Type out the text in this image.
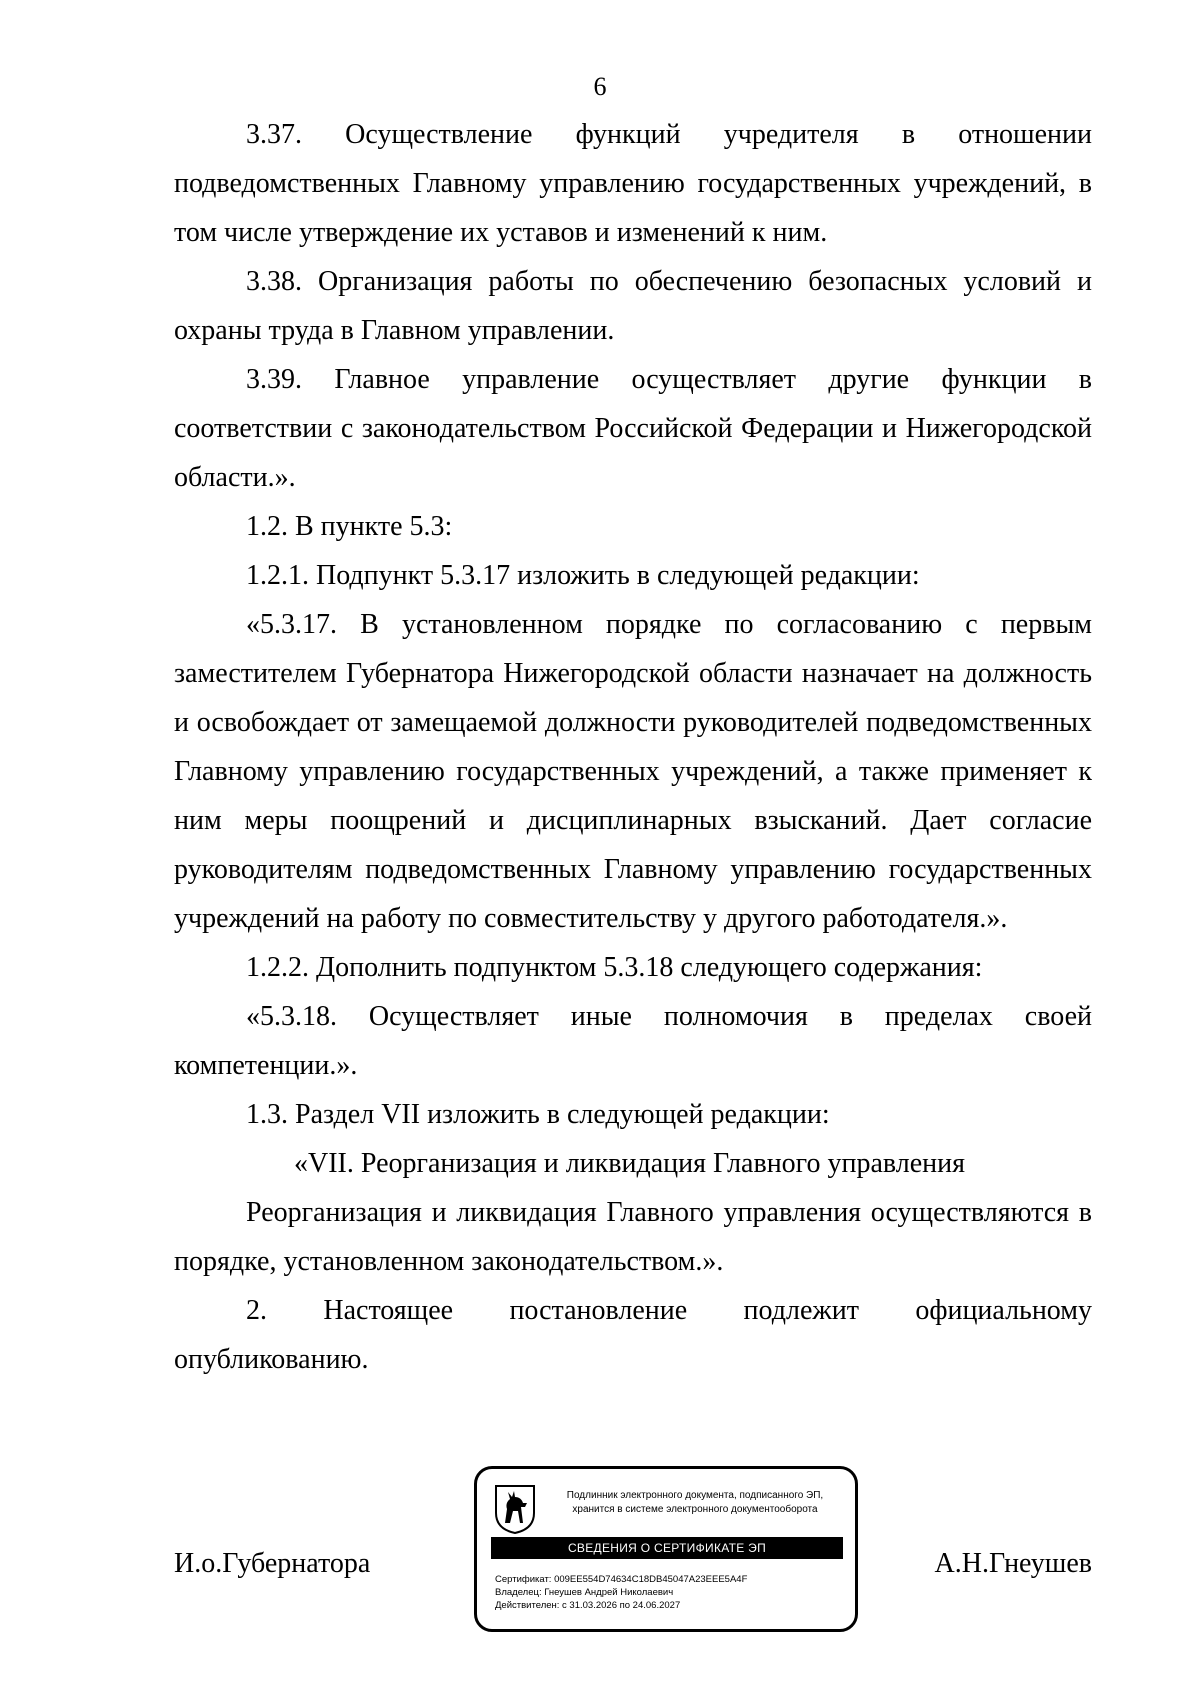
6

3.37. Осуществление функций учредителя в отношении подведомственных Главному управлению государственных учреждений, в том числе утверждение их уставов и изменений к ним.

3.38. Организация работы по обеспечению безопасных условий и охраны труда в Главном управлении.

3.39. Главное управление осуществляет другие функции в соответствии с законодательством Российской Федерации и Нижегородской области.».

1.2. В пункте 5.3:

1.2.1. Подпункт 5.3.17 изложить в следующей редакции:

«5.3.17. В установленном порядке по согласованию с первым заместителем Губернатора Нижегородской области назначает на должность и освобождает от замещаемой должности руководителей подведомственных Главному управлению государственных учреждений, а также применяет к ним меры поощрений и дисциплинарных взысканий. Дает согласие руководителям подведомственных Главному управлению государственных учреждений на работу по совместительству у другого работодателя.».

1.2.2. Дополнить подпунктом 5.3.18 следующего содержания:

«5.3.18. Осуществляет иные полномочия в пределах своей компетенции.».

1.3. Раздел VII изложить в следующей редакции:

«VII. Реорганизация и ликвидация Главного управления

Реорганизация и ликвидация Главного управления осуществляются в порядке, установленном законодательством.».

2. Настоящее постановление подлежит официальному опубликованию.

И.о.Губернатора
Подлинник электронного документа, подписанного ЭП,
хранится в системе электронного документооборота
СВЕДЕНИЯ О СЕРТИФИКАТЕ ЭП
Сертификат: 009EE554D74634C18DB45047A23EEE5A4F
Владелец: Гнеушев Андрей Николаевич
Действителен: с 31.03.2026 по 24.06.2027
А.Н.Гнеушев
